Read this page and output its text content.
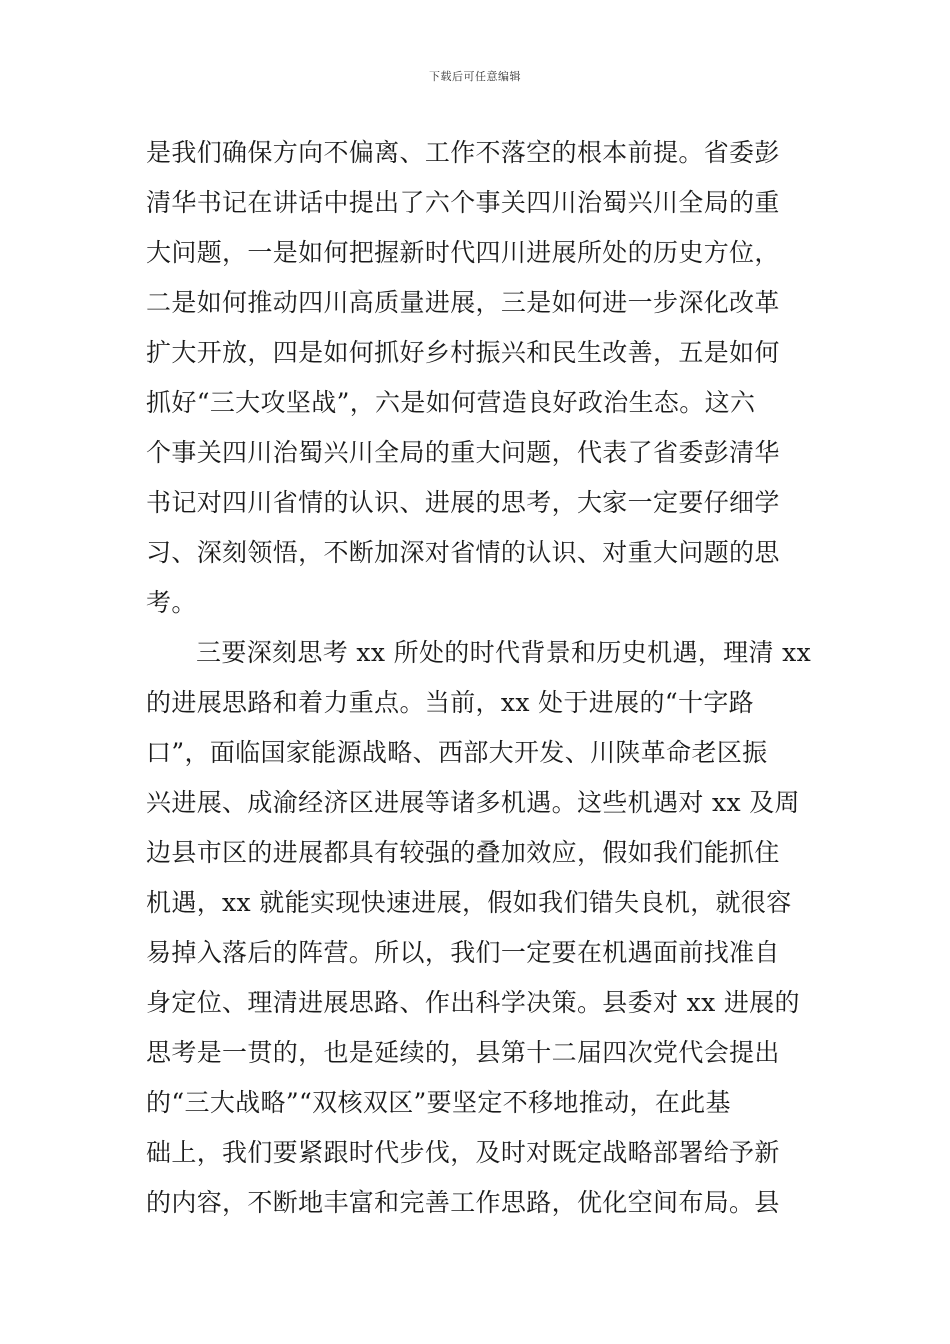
下载后可任意编辑
是我们确保方向不偏离、工作不落空的根本前提。省委彭
清华书记在讲话中提出了六个事关四川治蜀兴川全局的重
大问题，一是如何把握新时代四川进展所处的历史方位，
二是如何推动四川高质量进展，三是如何进一步深化改革
扩大开放，四是如何抓好乡村振兴和民生改善，五是如何
抓好“三大攻坚战”，六是如何营造良好政治生态。这六
个事关四川治蜀兴川全局的重大问题，代表了省委彭清华
书记对四川省情的认识、进展的思考，大家一定要仔细学
习、深刻领悟，不断加深对省情的认识、对重大问题的思
考。
三要深刻思考 xx 所处的时代背景和历史机遇，理清 xx
的进展思路和着力重点。当前，xx 处于进展的“十字路
口”，面临国家能源战略、西部大开发、川陕革命老区振
兴进展、成渝经济区进展等诸多机遇。这些机遇对 xx 及周
边县市区的进展都具有较强的叠加效应，假如我们能抓住
机遇，xx 就能实现快速进展，假如我们错失良机，就很容
易掉入落后的阵营。所以，我们一定要在机遇面前找准自
身定位、理清进展思路、作出科学决策。县委对 xx 进展的
思考是一贯的，也是延续的，县第十二届四次党代会提出
的“三大战略”“双核双区”要坚定不移地推动，在此基
础上，我们要紧跟时代步伐，及时对既定战略部署给予新
的内容，不断地丰富和完善工作思路，优化空间布局。县
